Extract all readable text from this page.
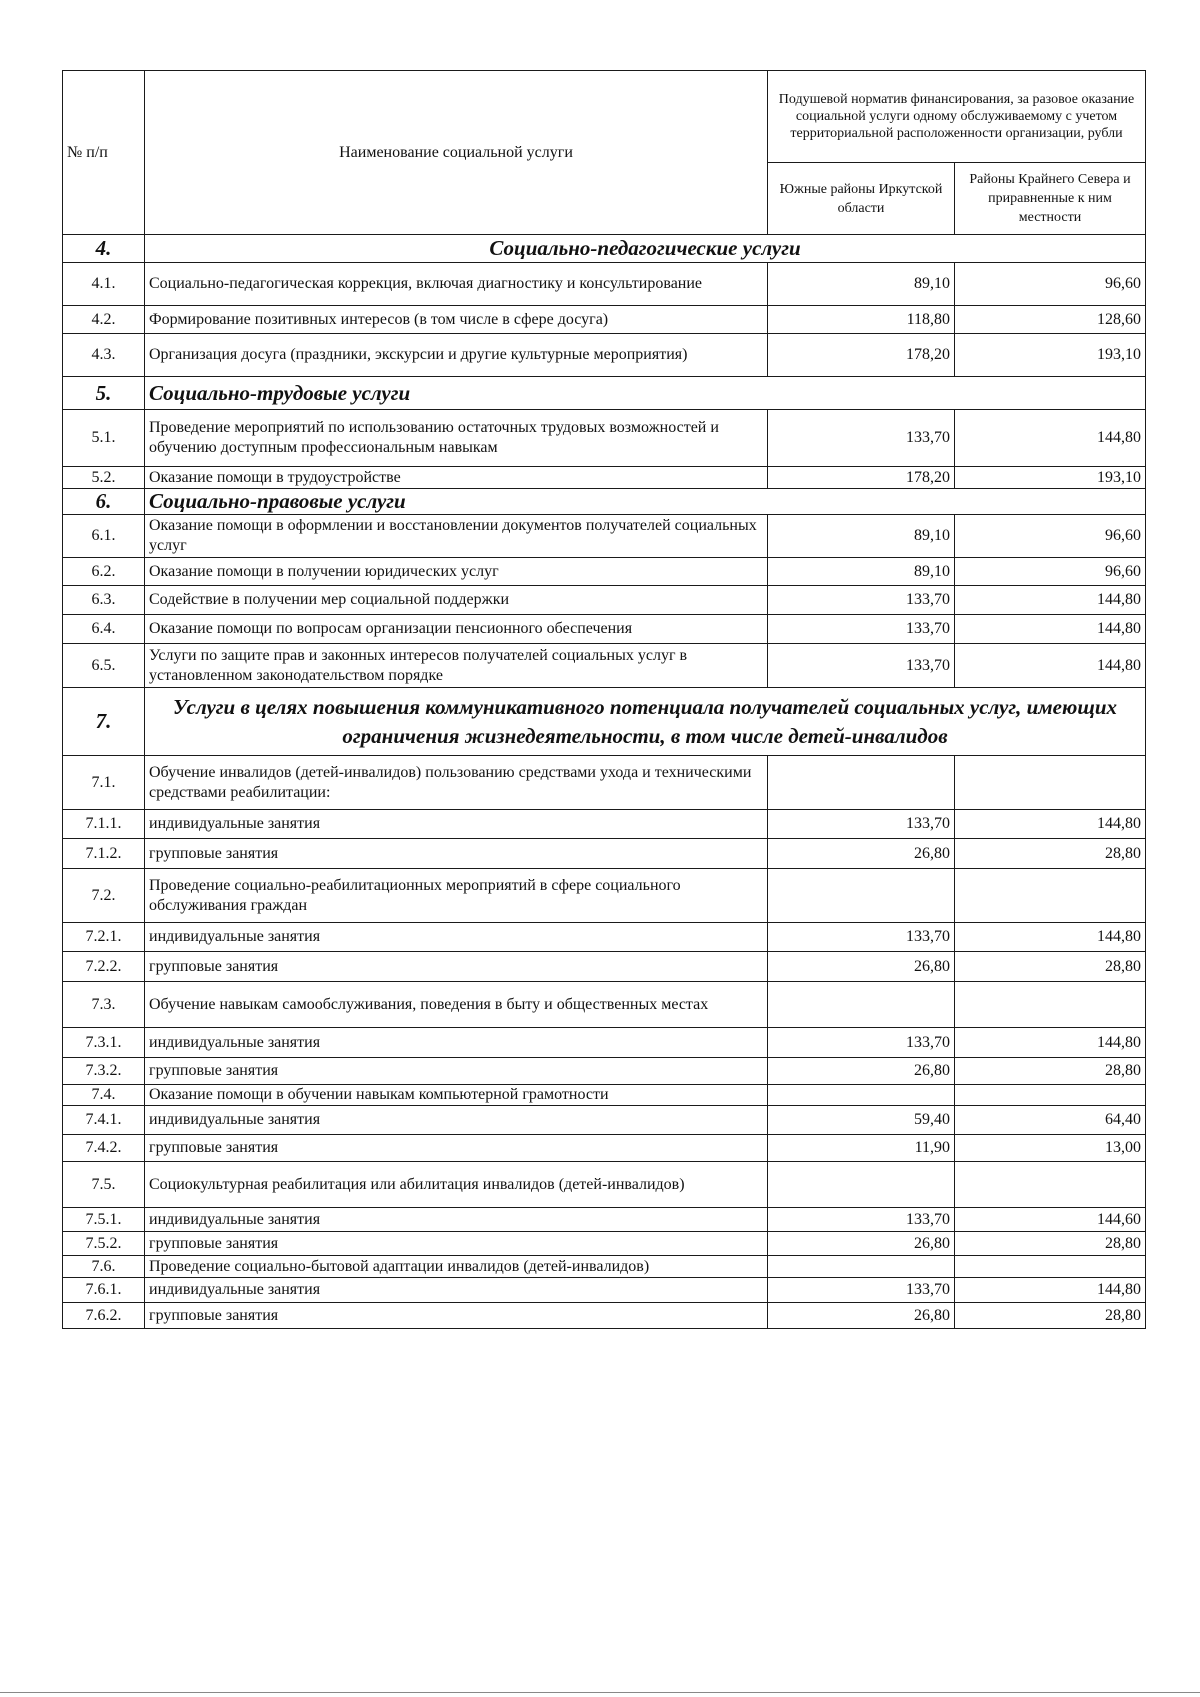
№ п/п	Наименование социальной услуги	Подушевой норматив финансирования, за разовое оказание социальной услуги одному обслуживаемому с учетом территориальной расположенности организации, рубли	
		Южные районы Иркутской области	Районы Крайнего Севера и приравненные к ним местности
4.	Социально-педагогические услуги		
4.1.	Социально-педагогическая коррекция, включая диагностику и консультирование	89,10	96,60
4.2.	Формирование позитивных интересов (в том числе в сфере досуга)	118,80	128,60
4.3.	Организация досуга (праздники, экскурсии и другие культурные мероприятия)	178,20	193,10
5.	Социально-трудовые услуги		
5.1.	Проведение мероприятий по использованию остаточных трудовых возможностей и обучению доступным профессиональным навыкам	133,70	144,80
5.2.	Оказание помощи в трудоустройстве	178,20	193,10
6.	Социально-правовые услуги		
6.1.	Оказание помощи в оформлении и восстановлении документов получателей социальных услуг	89,10	96,60
6.2.	Оказание помощи в получении юридических услуг	89,10	96,60
6.3.	Содействие в получении мер социальной поддержки	133,70	144,80
6.4.	Оказание помощи по вопросам организации пенсионного обеспечения	133,70	144,80
6.5.	Услуги по защите прав и законных интересов получателей социальных услуг в установленном законодательством порядке	133,70	144,80
7.	Услуги в целях повышения коммуникативного потенциала получателей социальных услуг, имеющих ограничения жизнедеятельности, в том числе детей-инвалидов		
7.1.	Обучение инвалидов (детей-инвалидов) пользованию средствами ухода и техническими средствами реабилитации:		
7.1.1.	индивидуальные занятия	133,70	144,80
7.1.2.	групповые занятия	26,80	28,80
7.2.	Проведение социально-реабилитационных мероприятий в сфере социального обслуживания граждан		
7.2.1.	индивидуальные занятия	133,70	144,80
7.2.2.	групповые занятия	26,80	28,80
7.3.	Обучение навыкам самообслуживания, поведения в быту и общественных местах		
7.3.1.	индивидуальные занятия	133,70	144,80
7.3.2.	групповые занятия	26,80	28,80
7.4.	Оказание помощи в обучении навыкам компьютерной грамотности		
7.4.1.	индивидуальные занятия	59,40	64,40
7.4.2.	групповые занятия	11,90	13,00
7.5.	Социокультурная реабилитация или абилитация инвалидов (детей-инвалидов)		
7.5.1.	индивидуальные занятия	133,70	144,60
7.5.2.	групповые занятия	26,80	28,80
7.6.	Проведение социально-бытовой адаптации инвалидов (детей-инвалидов)		
7.6.1.	индивидуальные занятия	133,70	144,80
7.6.2.	групповые занятия	26,80	28,80
